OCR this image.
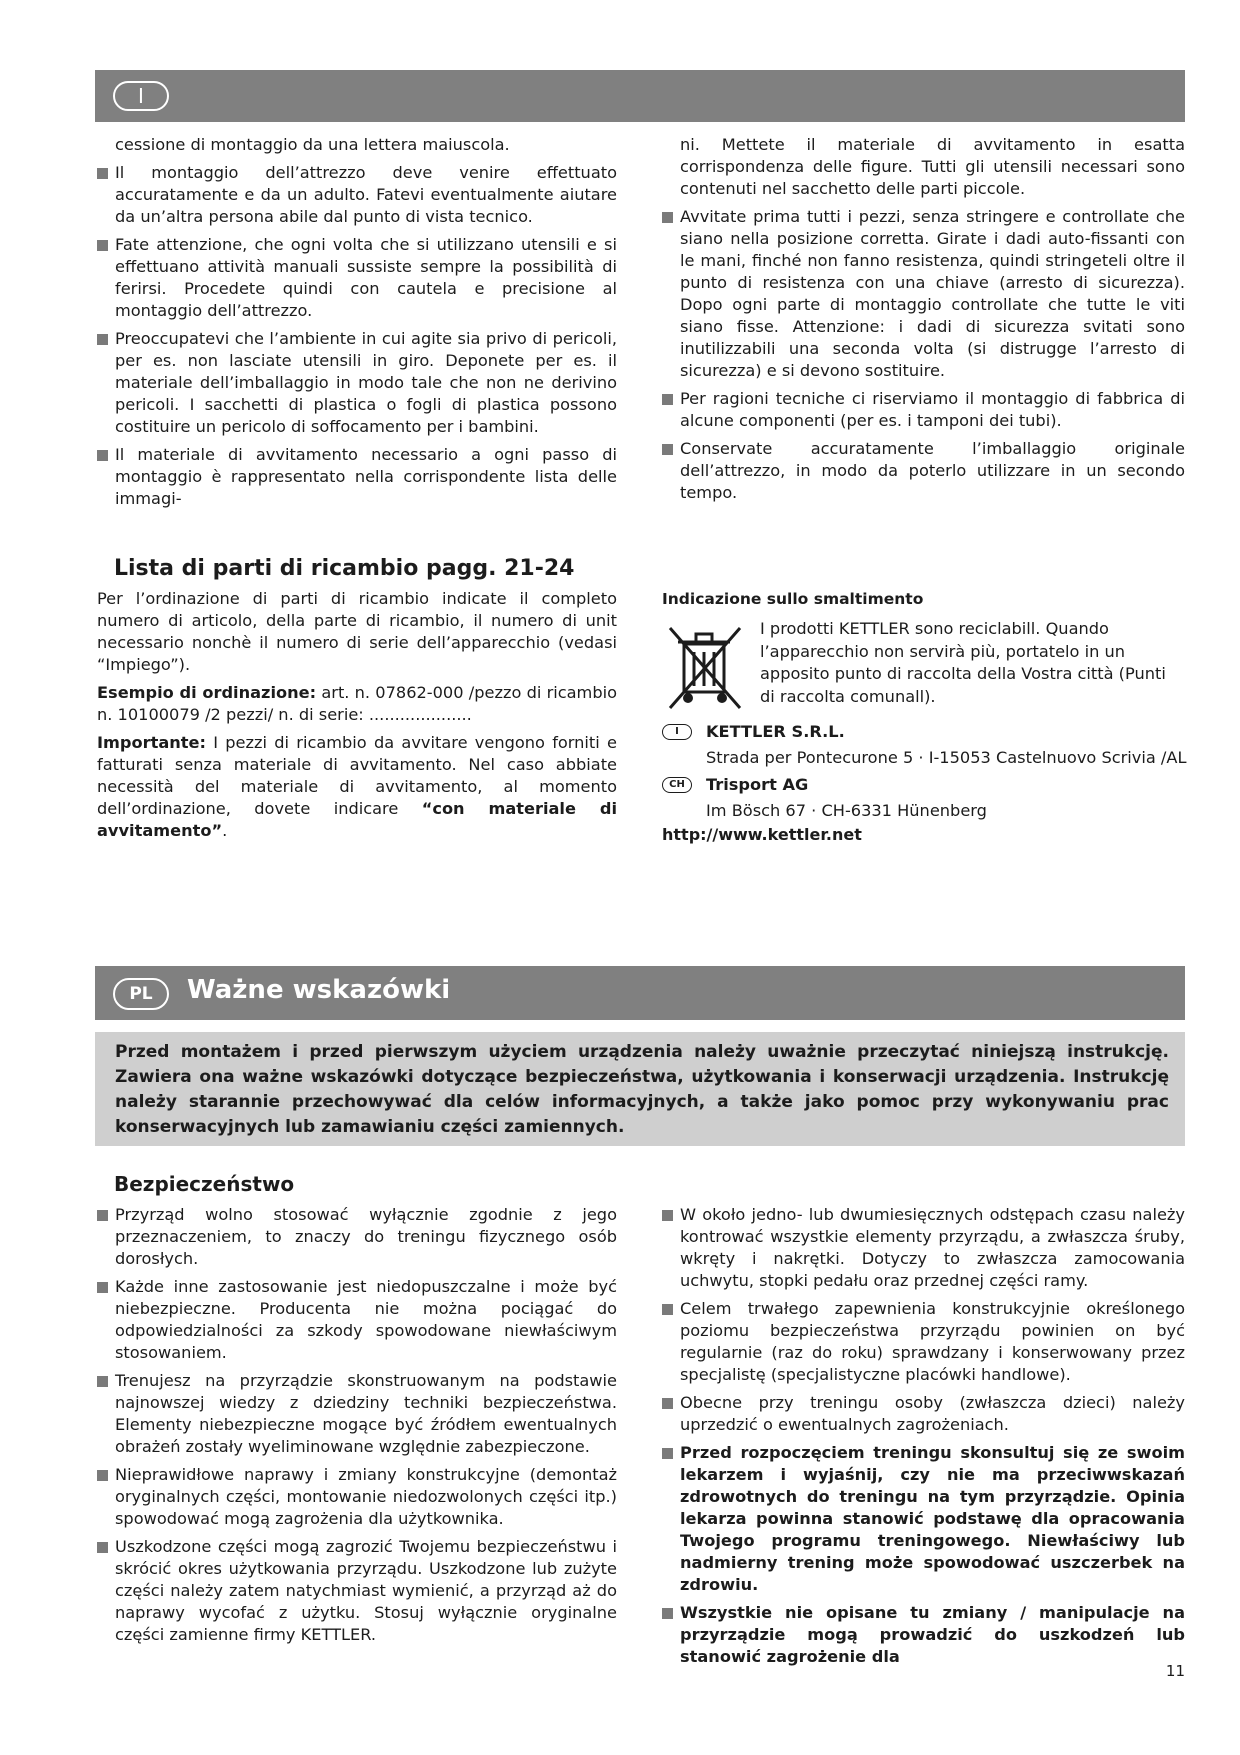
I

cessione di montaggio da una lettera maiuscola.

Il montaggio dell’attrezzo deve venire effettuato accuratamente e da un adulto. Fatevi eventualmente aiutare da un’altra persona abile dal punto di vista tecnico.
Fate attenzione, che ogni volta che si utilizzano utensili e si effettuano attività manuali sussiste sempre la possibilità di ferirsi. Procedete quindi con cautela e precisione al montaggio dell’attrezzo.
Preoccupatevi che l’ambiente in cui agite sia privo di pericoli, per es. non lasciate utensili in giro. Deponete per es. il materiale dell’imballaggio in modo tale che non ne derivino pericoli. I sacchetti di plastica o fogli di plastica possono costituire un pericolo di soffocamento per i bambini.
Il materiale di avvitamento necessario a ogni passo di montaggio è rappresentato nella corrispondente lista delle immagi-

ni. Mettete il materiale di avvitamento in esatta corrispondenza delle figure. Tutti gli utensili necessari sono contenuti nel sacchetto delle parti piccole.

Avvitate prima tutti i pezzi, senza stringere e controllate che siano nella posizione corretta. Girate i dadi auto-fissanti con le mani, finché non fanno resistenza, quindi stringeteli oltre il punto di resistenza con una chiave (arresto di sicurezza). Dopo ogni parte di montaggio controllate che tutte le viti siano fisse. Attenzione: i dadi di sicurezza svitati sono inutilizzabili una seconda volta (si distrugge l’arresto di sicurezza) e si devono sostituire.
Per ragioni tecniche ci riserviamo il montaggio di fabbrica di alcune componenti (per es. i tamponi dei tubi).
Conservate accuratamente l’imballaggio originale dell’attrezzo, in modo da poterlo utilizzare in un secondo tempo.
Lista di parti di ricambio pagg. 21-24

Per l’ordinazione di parti di ricambio indicate il completo numero di articolo, della parte di ricambio, il numero di unit necessario nonchè il numero di serie dell’apparecchio (vedasi “Impiego”).

Esempio di ordinazione: art. n. 07862-000 /pezzo di ricambio n. 10100079 /2 pezzi/ n. di serie: ....................

Importante: I pezzi di ricambio da avvitare vengono forniti e fatturati senza materiale di avvitamento. Nel caso abbiate necessità del materiale di avvitamento, al momento dell’ordinazione, dovete indicare “con materiale di avvitamento”.

Indicazione sullo smaltimento
I prodotti KETTLER sono reciclabill. Quando l’apparecchio non servirà più, portatelo in un apposito punto di raccolta della Vostra città (Punti di raccolta comunall).
I	KETTLER S.R.L.
Strada per Pontecurone 5 · I-15053 Castelnuovo Scrivia /AL
CH	Trisport AG
Im Bösch 67 · CH-6331 Hünenberg
http://www.kettler.net
PL	Ważne wskazówki
Przed montażem i przed pierwszym użyciem urządzenia należy uważnie przeczytać niniejszą instrukcję. Zawiera ona ważne wskazówki dotyczące bezpieczeństwa, użytkowania i konserwacji urządzenia. Instrukcję należy starannie przechowywać dla celów informacyjnych, a także jako pomoc przy wykonywaniu prac konserwacyjnych lub zamawianiu części zamiennych.
Bezpieczeństwo
Przyrząd wolno stosować wyłącznie zgodnie z jego przeznaczeniem, to znaczy do treningu fizycznego osób dorosłych.
Każde inne zastosowanie jest niedopuszczalne i może być niebezpieczne. Producenta nie można pociągać do odpowiedzialności za szkody spowodowane niewłaściwym stosowaniem.
Trenujesz na przyrządzie skonstruowanym na podstawie najnowszej wiedzy z dziedziny techniki bezpieczeństwa. Elementy niebezpieczne mogące być źródłem ewentualnych obrażeń zostały wyeliminowane względnie zabezpieczone.
Nieprawidłowe naprawy i zmiany konstrukcyjne (demontaż oryginalnych części, montowanie niedozwolonych części itp.) spowodować mogą zagrożenia dla użytkownika.
Uszkodzone części mogą zagrozić Twojemu bezpieczeństwu i skrócić okres użytkowania przyrządu. Uszkodzone lub zużyte części należy zatem natychmiast wymienić, a przyrząd aż do naprawy wycofać z użytku. Stosuj wyłącznie oryginalne części zamienne firmy KETTLER.
W około jedno- lub dwumiesięcznych odstępach czasu należy kontrować wszystkie elementy przyrządu, a zwłaszcza śruby, wkręty i nakrętki. Dotyczy to zwłaszcza zamocowania uchwytu, stopki pedału oraz przednej części ramy.
Celem trwałego zapewnienia konstrukcyjnie określonego poziomu bezpieczeństwa przyrządu powinien on być regularnie (raz do roku) sprawdzany i konserwowany przez specjalistę (specjalistyczne placówki handlowe).
Obecne przy treningu osoby (zwłaszcza dzieci) należy uprzedzić o ewentualnych zagrożeniach.
Przed rozpoczęciem treningu skonsultuj się ze swoim lekarzem i wyjaśnij, czy nie ma przeciwwskazań zdrowotnych do treningu na tym przyrządzie. Opinia lekarza powinna stanowić podstawę dla opracowania Twojego programu treningowego. Niewłaściwy lub nadmierny trening może spowodować uszczerbek na zdrowiu.
Wszystkie nie opisane tu zmiany / manipulacje na przyrządzie mogą prowadzić do uszkodzeń lub stanowić zagrożenie dla
11
